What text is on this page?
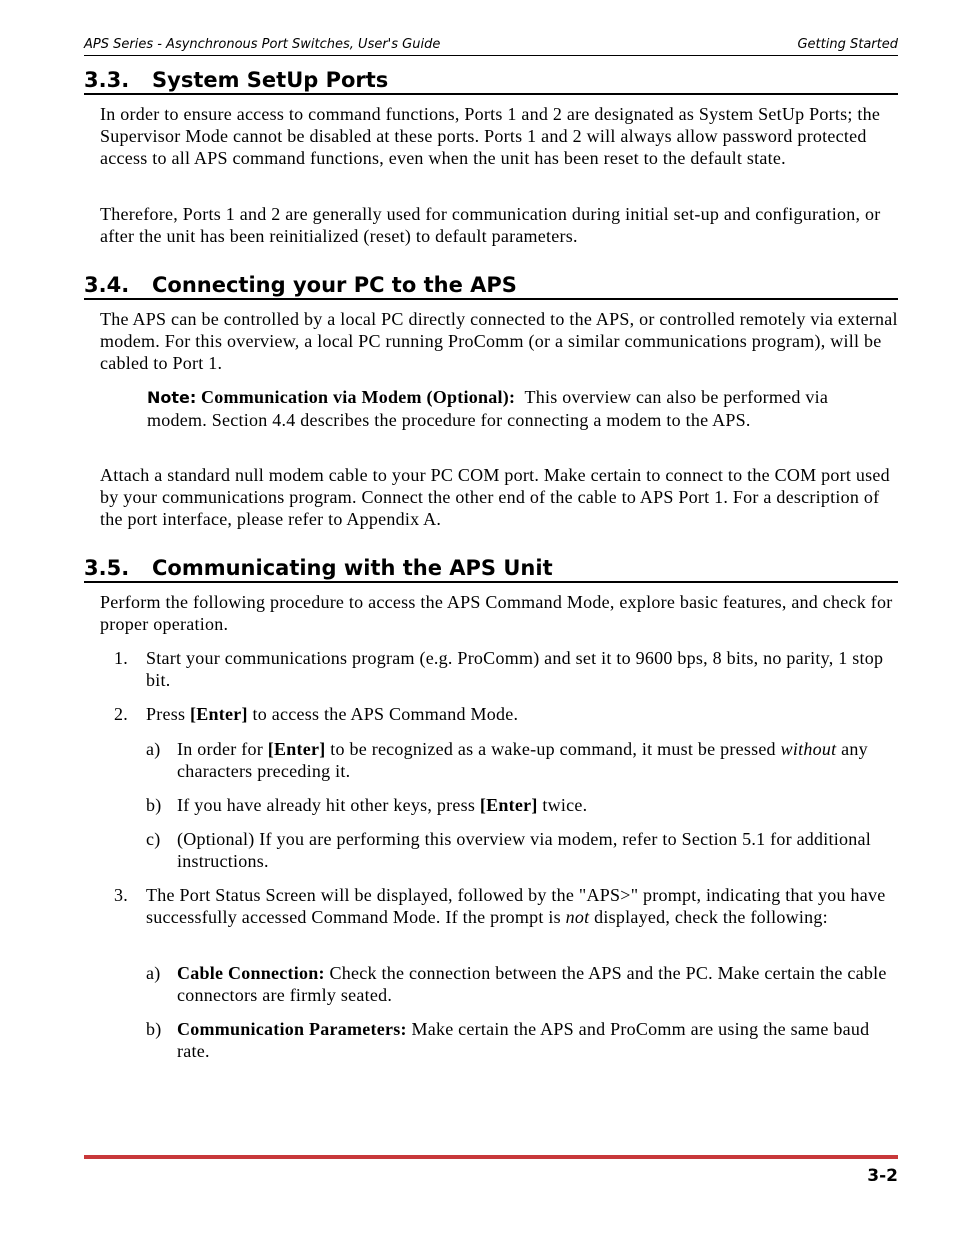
APS Series - Asynchronous Port Switches, User's Guide	Getting Started
3.3. System SetUp Ports

In order to ensure access to command functions, Ports 1 and 2 are designated as System SetUp Ports; the Supervisor Mode cannot be disabled at these ports. Ports 1 and 2 will always allow password protected access to all APS command functions, even when the unit has been reset to the default state.

Therefore, Ports 1 and 2 are generally used for communication during initial set-up and configuration, or after the unit has been reinitialized (reset) to default parameters.

3.4. Connecting your PC to the APS

The APS can be controlled by a local PC directly connected to the APS, or controlled remotely via external modem. For this overview, a local PC running ProComm (or a similar communications program), will be cabled to Port 1.

Note: Communication via Modem (Optional): This overview can also be performed via modem. Section 4.4 describes the procedure for connecting a modem to the APS.

Attach a standard null modem cable to your PC COM port. Make certain to connect to the COM port used by your communications program. Connect the other end of the cable to APS Port 1. For a description of the port interface, please refer to Appendix A.

3.5. Communicating with the APS Unit

Perform the following procedure to access the APS Command Mode, explore basic features, and check for proper operation.

1. Start your communications program (e.g. ProComm) and set it to 9600 bps, 8 bits, no parity, 1 stop bit.
2. Press [Enter] to access the APS Command Mode.
a) In order for [Enter] to be recognized as a wake-up command, it must be pressed without any characters preceding it.
b) If you have already hit other keys, press [Enter] twice.
c) (Optional) If you are performing this overview via modem, refer to Section 5.1 for additional instructions.
3. The Port Status Screen will be displayed, followed by the "APS>" prompt, indicating that you have successfully accessed Command Mode. If the prompt is not displayed, check the following:
a) Cable Connection: Check the connection between the APS and the PC. Make certain the cable connectors are firmly seated.
b) Communication Parameters: Make certain the APS and ProComm are using the same baud rate.
3-2
